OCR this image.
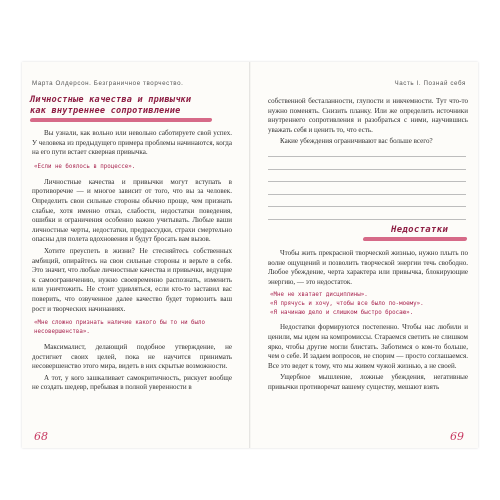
Марта Олдерсон. Безграничное творчество.
Личностные качества и привычки
как внутреннее сопротивление

Вы узнали, как вольно или невольно саботируете свой успех. У человека из предыдущего примера проблемы начинаются, когда на его пути встает скверная привычка.

«Если не боялось в процессе».

Личностные качества и привычки могут вступать в противоречие — и многое зависит от того, что вы за человек. Определить свои сильные стороны обычно проще, чем признать слабые, хотя именно отказ, слабости, недостатки поведения, ошибки и ограничения особенно важно учитывать. Любые ваши личностные черты, недостатки, предрассудки, страхи смертельно опасны для полета вдохновения и будут бросать вам вызов.

Хотите преуспеть в жизни? Не стесняйтесь собственных амбиций, опирайтесь на свои сильные стороны и верьте в себя. Это значит, что любые личностные качества и привычки, ведущие к самоограничению, нужно своевременно распознать, изменить или уничтожить. Не стоит удивляться, если кто-то заставил вас поверить, что озвученное далее качество будет тормозить ваш рост и творческих начинаниях.

«Мне сложно признать наличие какого бы то ни было несовершенства».

Максималист, делающий подобное утверждение, не достигнет своих целей, пока не научится принимать несовершенство этого мира, видеть в них скрытые возможности.

А тот, у кого зашкаливает самокритичность, рискует вообще не создать шедевр, пребывая в полной уверенности в

68
Часть I. Познай себя

собственной бесталанности, глупости и никчемности. Тут что-то нужно поменять. Снизить планку. Или же определить источники внутреннего сопротивления и разобраться с ними, научившись уважать себя и ценить то, что есть.

Какие убеждения ограничивают вас больше всего?

Недостатки

Чтобы жить прекрасной творческой жизнью, нужно плыть по волне ощущений и позволить творческой энергии течь свободно. Любое убеждение, черта характера или привычка, блокирующие энергию, — это недостаток.

«Мне не хватает дисциплины».
«Я прячусь и хочу, чтобы все было по-моему».
«Я начинаю дело и слишком быстро бросаю».

Недостатки формируются постепенно. Чтобы нас любили и ценили, мы идем на компромиссы. Стараемся светить не слишком ярко, чтобы другие могли блистать. Заботимся о ком-то больше, чем о себе. И задаем вопросов, не спорим — просто соглашаемся. Все это ведет к тому, что мы живем чужой жизнью, а не своей.

Ущербное мышление, ложные убеждения, негативные привычки противоречат вашему существу, мешают взять

69
